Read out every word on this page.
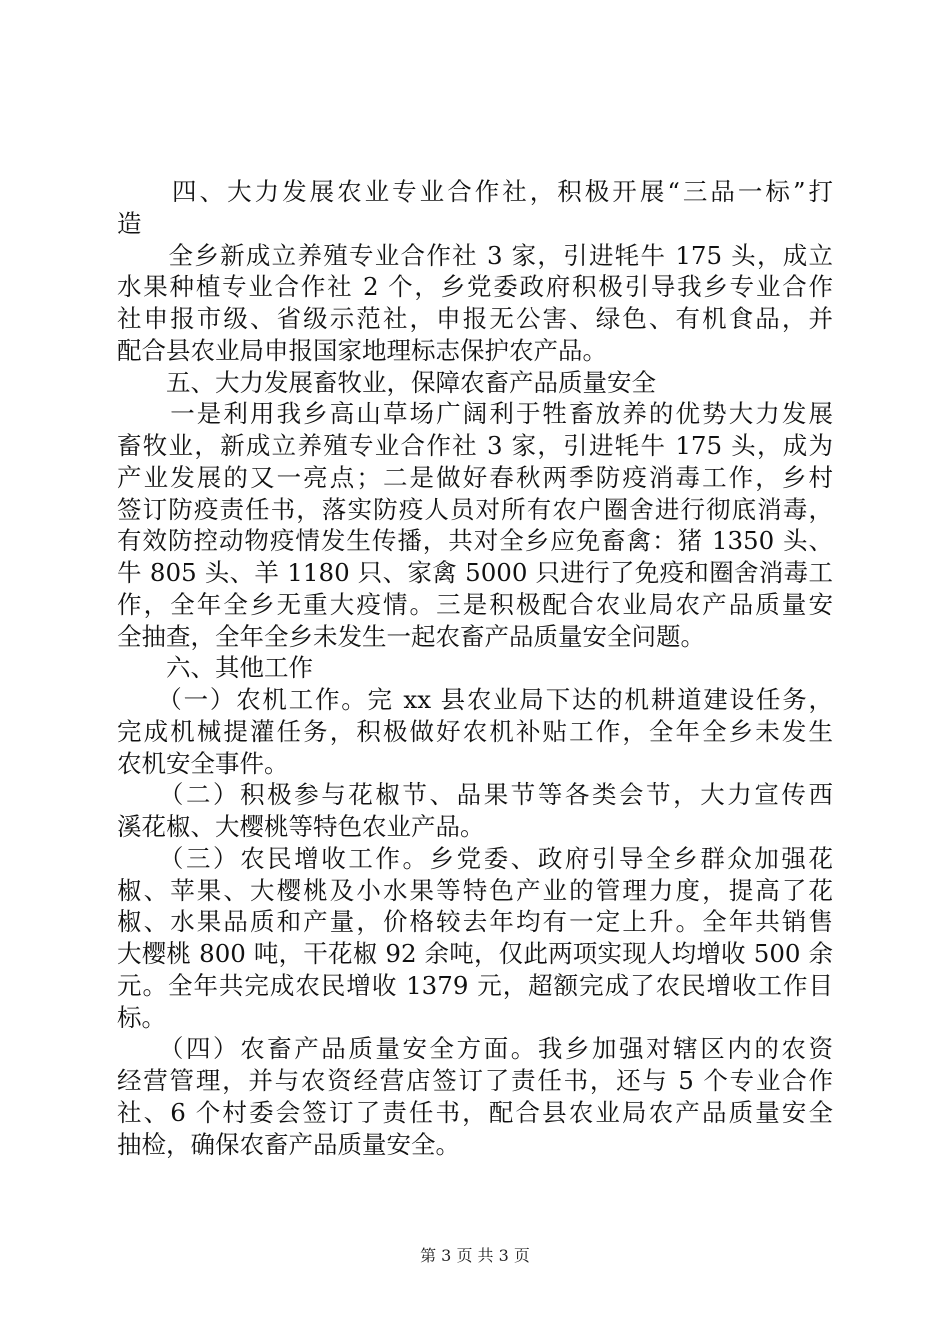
　　四、大力发展农业专业合作社，积极开展“三品一标”打
造
　　全乡新成立养殖专业合作社 3 家，引进牦牛 175 头，成立
水果种植专业合作社 2 个，乡党委政府积极引导我乡专业合作
社申报市级、省级示范社，申报无公害、绿色、有机食品，并
配合县农业局申报国家地理标志保护农产品。
　　五、大力发展畜牧业，保障农畜产品质量安全
　　一是利用我乡高山草场广阔利于牲畜放养的优势大力发展
畜牧业，新成立养殖专业合作社 3 家，引进牦牛 175 头，成为
产业发展的又一亮点；二是做好春秋两季防疫消毒工作，乡村
签订防疫责任书，落实防疫人员对所有农户圈舍进行彻底消毒，
有效防控动物疫情发生传播，共对全乡应免畜禽：猪 1350 头、
牛 805 头、羊 1180 只、家禽 5000 只进行了免疫和圈舍消毒工
作，全年全乡无重大疫情。三是积极配合农业局农产品质量安
全抽查，全年全乡未发生一起农畜产品质量安全问题。
　　六、其他工作
　　（一）农机工作。完 xx 县农业局下达的机耕道建设任务，
完成机械提灌任务，积极做好农机补贴工作，全年全乡未发生
农机安全事件。
　　（二）积极参与花椒节、品果节等各类会节，大力宣传西
溪花椒、大樱桃等特色农业产品。
　　（三）农民增收工作。乡党委、政府引导全乡群众加强花
椒、苹果、大樱桃及小水果等特色产业的管理力度，提高了花
椒、水果品质和产量，价格较去年均有一定上升。全年共销售
大樱桃 800 吨，干花椒 92 余吨，仅此两项实现人均增收 500 余
元。全年共完成农民增收 1379 元，超额完成了农民增收工作目
标。
　　（四）农畜产品质量安全方面。我乡加强对辖区内的农资
经营管理，并与农资经营店签订了责任书，还与 5 个专业合作
社、6 个村委会签订了责任书，配合县农业局农产品质量安全
抽检，确保农畜产品质量安全。
第 3 页 共 3 页
